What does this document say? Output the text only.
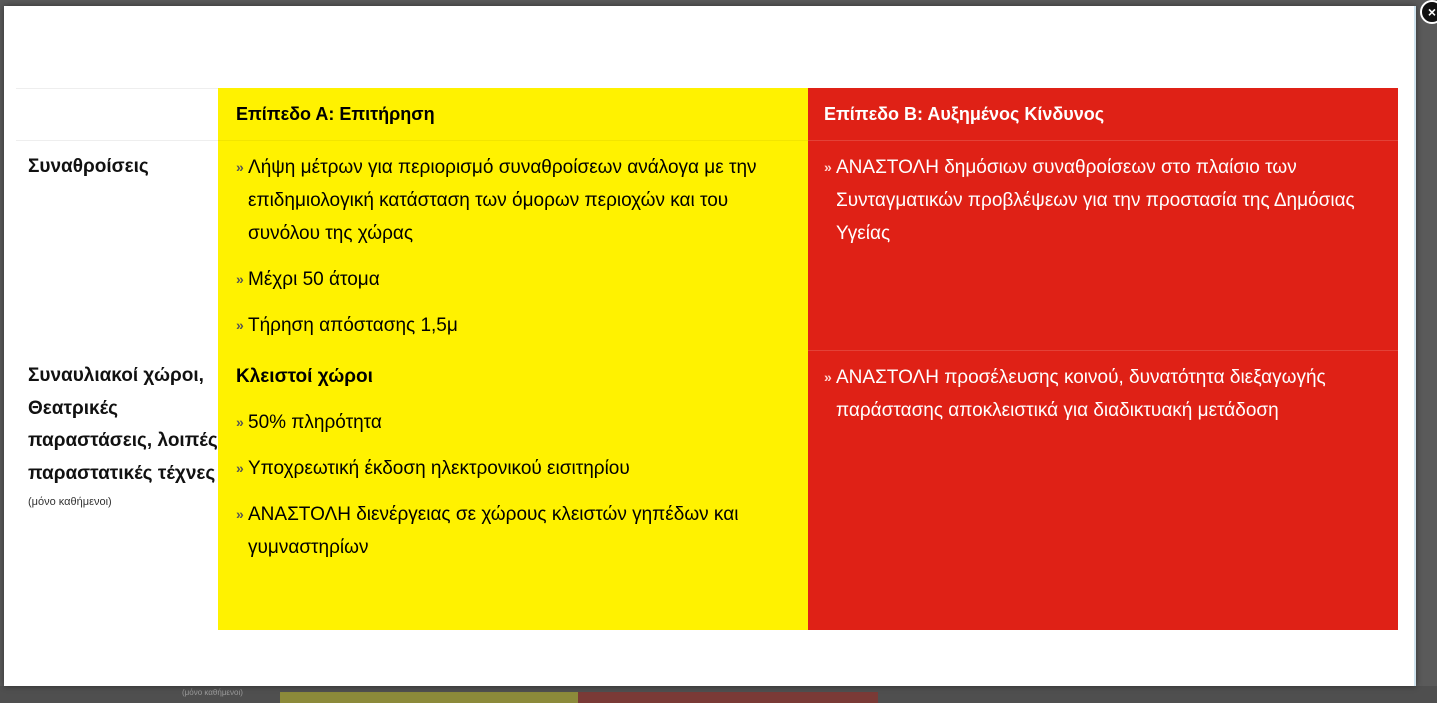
(μόνο καθήμενοι)
Επίπεδο Α: Επιτήρηση	Επίπεδο Β: Αυξημένος Κίνδυνος
Συναθροίσεις	» Λήψη μέτρων για περιορισμό συναθροίσεων ανάλογα με την επιδημιολογική κατάσταση των όμορων περιοχών και του συνόλου της χώρας
» Μέχρι 50 άτομα
» Τήρηση απόστασης 1,5μ
» ΑΝΑΣΤΟΛΗ δημόσιων συναθροίσεων στο πλαίσιο των Συνταγματικών προβλέψεων για την προστασία της Δημόσιας Υγείας
Συναυλιακοί χώροι, Θεατρικές παραστάσεις, λοιπές παραστατικές τέχνες
(μόνο καθήμενοι)
Κλειστοί χώροι
» 50% πληρότητα
» Υποχρεωτική έκδοση ηλεκτρονικού εισιτηρίου
» ΑΝΑΣΤΟΛΗ διενέργειας σε χώρους κλειστών γηπέδων και γυμναστηρίων
» ΑΝΑΣΤΟΛΗ προσέλευσης κοινού, δυνατότητα διεξαγωγής παράστασης αποκλειστικά για διαδικτυακή μετάδοση
×
